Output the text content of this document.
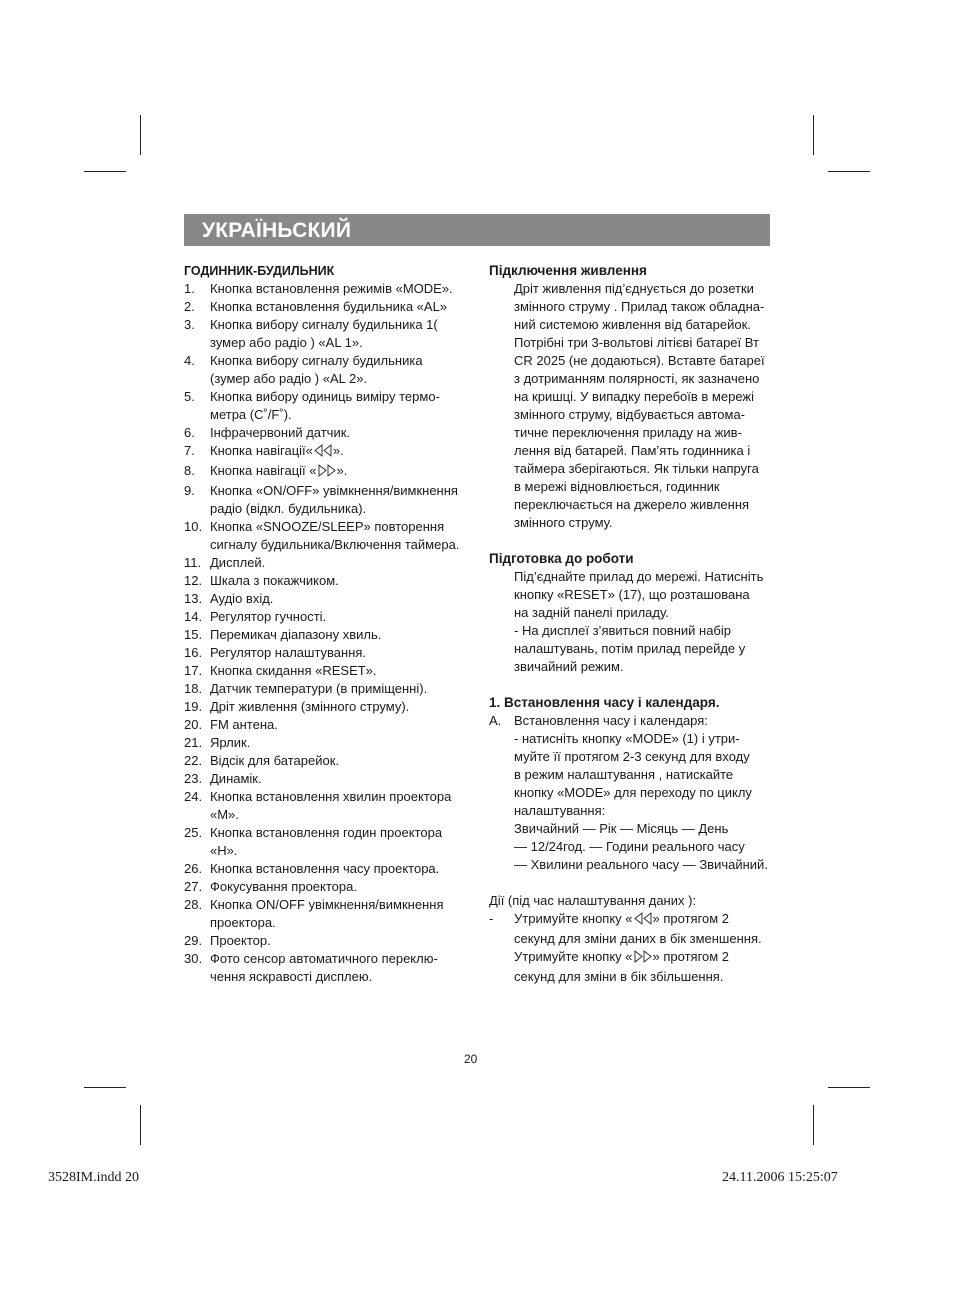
УКРАЇНЬСКИЙ
ГОДИННИК-БУДИЛЬНИК
1. Кнопка встановлення режимів «MODE».
2. Кнопка встановлення будильника «AL»
3. Кнопка вибору сигналу будильника 1(
зумер або радіо ) «AL 1».
4. Кнопка вибору сигналу будильника
(зумер або радіо ) «AL 2».
5. Кнопка вибору одиниць виміру термо-
метра (C˚/F˚).
6. Інфрачервоний датчик.
7. Кнопка навігації« ».
8. Кнопка навігації « ».
9. Кнопка «ON/OFF» увімкнення/вимкнення
радіо (відкл. будильника).
10. Кнопка «SNOOZE/SLEEP» повторення
сигналу будильника/Включення таймера.
11. Дисплей.
12. Шкала з покажчиком.
13. Аудіо вхід.
14. Регулятор гучності.
15. Перемикач діапазону хвиль.
16. Регулятор налаштування.
17. Кнопка скидання «RESET».
18. Датчик температури (в приміщенні).
19. Дріт живлення (змінного струму).
20. FM антена.
21. Ярлик.
22. Відсік для батарейок.
23. Динамік.
24. Кнопка встановлення хвилин проектора
«M».
25. Кнопка встановлення годин проектора
«H».
26. Кнопка встановлення часу проектора.
27. Фокусування проектора.
28. Кнопка ON/OFF увімкнення/вимкнення
проектора.
29. Проектор.
30. Фото сенсор автоматичного переклю-
чення яскравості дисплею.
Підключення живлення
Дріт живлення під’єднується до розетки
змінного струму . Прилад також обладна-
ний системою живлення від батарейок.
Потрібні три 3-вольтові літієві батареї Вт
CR 2025 (не додаються). Вставте батареї
з дотриманням полярності, як зазначено
на кришці. У випадку перебоїв в мережі
змінного струму, відбувається автома-
тичне переключення приладу на жив-
лення від батарей. Пам’ять годинника і
таймера зберігаються. Як тільки напруга
в мережі відновлюється, годинник
переключається на джерело живлення
змінного струму.
Підготовка до роботи
Під’єднайте прилад до мережі. Натисніть
кнопку «RESET» (17), що розташована
на задній панелі приладу.
- На дисплеї з’явиться повний набір
налаштувань, потім прилад перейде у
звичайний режим.
1. Встановлення часу і календаря.
A. Встановлення часу і календаря:
- натисніть кнопку «MODE» (1) і утри-
муйте її протягом 2-3 секунд для входу
в режим налаштування , натискайте
кнопку «MODE» для переходу по циклу
налаштування:
Звичайний — Рік — Місяць — День
— 12/24год. — Години реального часу
— Хвилини реального часу — Звичайний.
Дії (під час налаштування даних ):
- Утримуйте кнопку « » протягом 2
секунд для зміни даних в бік зменшення.
Утримуйте кнопку « » протягом 2
секунд для зміни в бік збільшення.
20
3528IM.indd 20	24.11.2006 15:25:07
